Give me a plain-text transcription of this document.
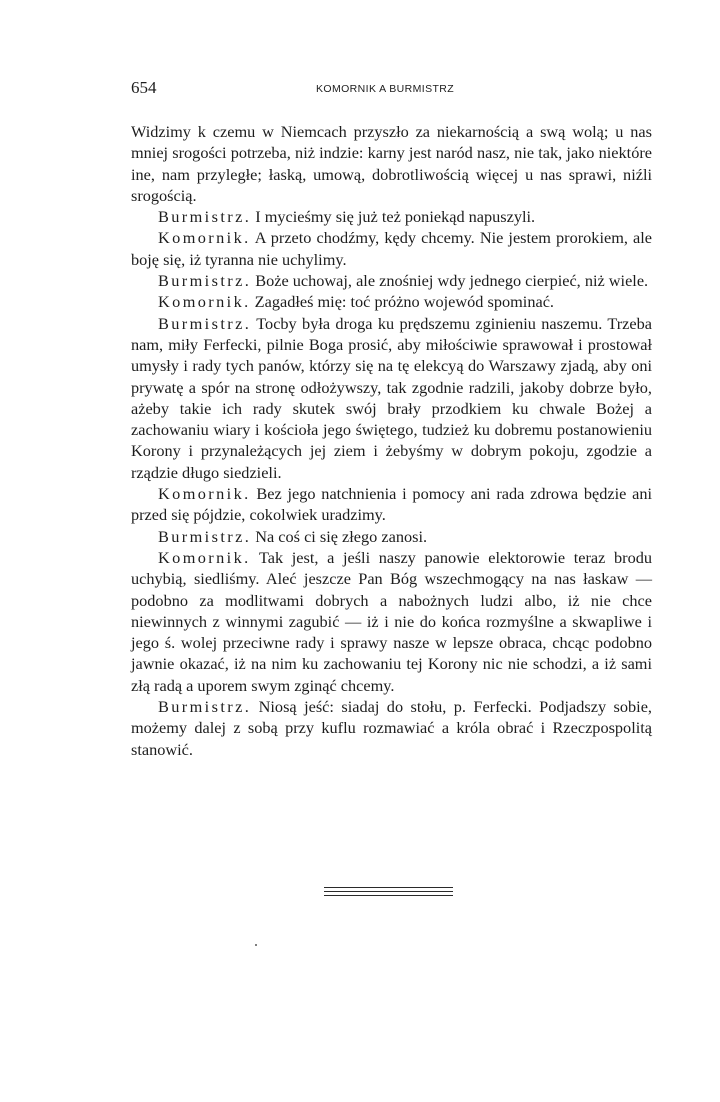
654	KOMORNIK A BURMISTRZ

Widzimy k czemu w Niemcach przyszło za niekarnością a swą wolą; u nas mniej srogości potrzeba, niż indzie: karny jest naród nasz, nie tak, jako niektóre ine, nam przyległe; łaską, umową, dobrotliwością więcej u nas sprawi, niźli srogością.

Burmistrz. I mycieśmy się już też poniekąd napuszyli.

Komornik. A przeto chodźmy, kędy chcemy. Nie jestem prorokiem, ale boję się, iż tyranna nie uchylimy.

Burmistrz. Boże uchowaj, ale znośniej wdy jednego cierpieć, niż wiele.

Komornik. Zagadłeś mię: toć próżno wojewód spominać.

Burmistrz. Tocby była droga ku prędszemu zginieniu naszemu. Trzeba nam, miły Ferfecki, pilnie Boga prosić, aby miłościwie sprawował i prostował umysły i rady tych panów, którzy się na tę elekcyą do Warszawy zjadą, aby oni prywatę a spór na stronę odłożywszy, tak zgodnie radzili, jakoby dobrze było, ażeby takie ich rady skutek swój brały przodkiem ku chwale Bożej a zachowaniu wiary i kościoła jego świętego, tudzież ku dobremu postanowieniu Korony i przynależących jej ziem i żebyśmy w dobrym pokoju, zgodzie a rządzie długo siedzieli.

Komornik. Bez jego natchnienia i pomocy ani rada zdrowa będzie ani przed się pójdzie, cokolwiek uradzimy.

Burmistrz. Na coś ci się złego zanosi.

Komornik. Tak jest, a jeśli naszy panowie elektorowie teraz brodu uchybią, siedliśmy. Aleć jeszcze Pan Bóg wszechmogący na nas łaskaw — podobno za modlitwami dobrych a nabożnych ludzi albo, iż nie chce niewinnych z winnymi zagubić — iż i nie do końca rozmyślne a skwapliwe i jego ś. wolej przeciwne rady i sprawy nasze w lepsze obraca, chcąc podobno jawnie okazać, iż na nim ku zachowaniu tej Korony nic nie schodzi, a iż sami złą radą a uporem swym zginąć chcemy.

Burmistrz. Niosą jeść: siadaj do stołu, p. Ferfecki. Podjadszy sobie, możemy dalej z sobą przy kuflu rozmawiać a króla obrać i Rzeczpospolitą stanowić.
